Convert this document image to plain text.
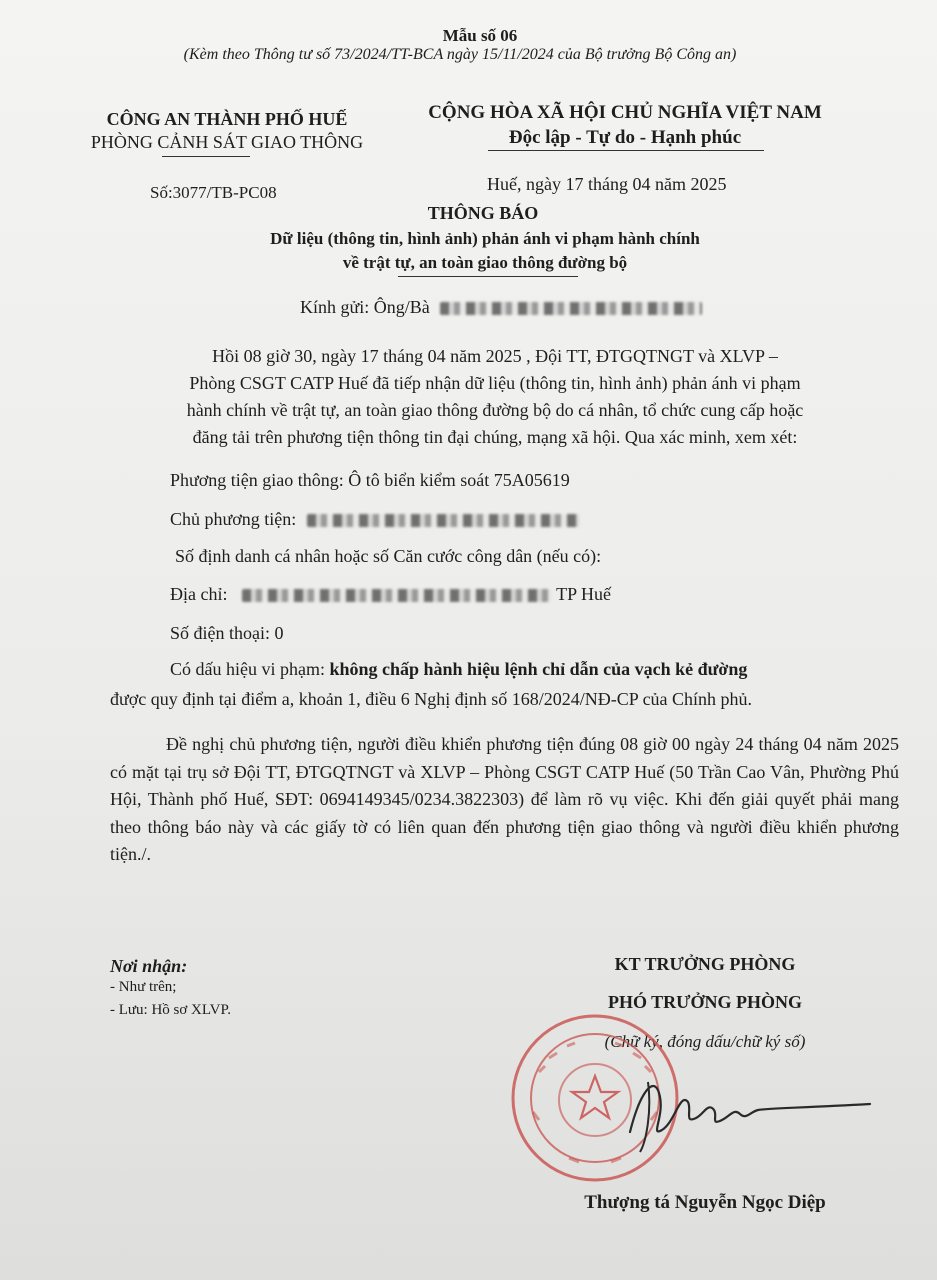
Mẫu số 06
(Kèm theo Thông tư số 73/2024/TT-BCA ngày 15/11/2024 của Bộ trưởng Bộ Công an)
CÔNG AN THÀNH PHỐ HUẾ
PHÒNG CẢNH SÁT GIAO THÔNG
CỘNG HÒA XÃ HỘI CHỦ NGHĨA VIỆT NAM
Độc lập - Tự do - Hạnh phúc
Số:3077/TB-PC08	Huế, ngày 17 tháng 04 năm 2025
THÔNG BÁO
Dữ liệu (thông tin, hình ảnh) phản ánh vi phạm hành chính
về trật tự, an toàn giao thông đường bộ
Kính gửi: Ông/Bà
Hồi 08 giờ 30, ngày 17 tháng 04 năm 2025 , Đội TT, ĐTGQTNGT và XLVP –
Phòng CSGT CATP Huế đã tiếp nhận dữ liệu (thông tin, hình ảnh) phản ánh vi phạm
hành chính về trật tự, an toàn giao thông đường bộ do cá nhân, tổ chức cung cấp hoặc
đăng tải trên phương tiện thông tin đại chúng, mạng xã hội. Qua xác minh, xem xét:
Phương tiện giao thông: Ô tô biển kiểm soát 75A05619
Chủ phương tiện:
Số định danh cá nhân hoặc số Căn cước công dân (nếu có):
Địa chỉ:	TP Huế
Số điện thoại: 0
Có dấu hiệu vi phạm: không chấp hành hiệu lệnh chỉ dẫn của vạch kẻ đường
được quy định tại điểm a, khoản 1, điều 6 Nghị định số 168/2024/NĐ-CP của Chính phủ.
Đề nghị chủ phương tiện, người điều khiển phương tiện đúng 08 giờ 00 ngày 24 tháng 04 năm 2025 có mặt tại trụ sở Đội TT, ĐTGQTNGT và XLVP – Phòng CSGT CATP Huế (50 Trần Cao Vân, Phường Phú Hội, Thành phố Huế, SĐT: 0694149345/0234.3822303) để làm rõ vụ việc. Khi đến giải quyết phải mang theo thông báo này và các giấy tờ có liên quan đến phương tiện giao thông và người điều khiển phương tiện./.
Nơi nhận:
- Như trên;
- Lưu: Hồ sơ XLVP.
KT TRƯỞNG PHÒNG
PHÓ TRƯỞNG PHÒNG
(Chữ ký, đóng dấu/chữ ký số)
Thượng tá Nguyễn Ngọc Diệp
